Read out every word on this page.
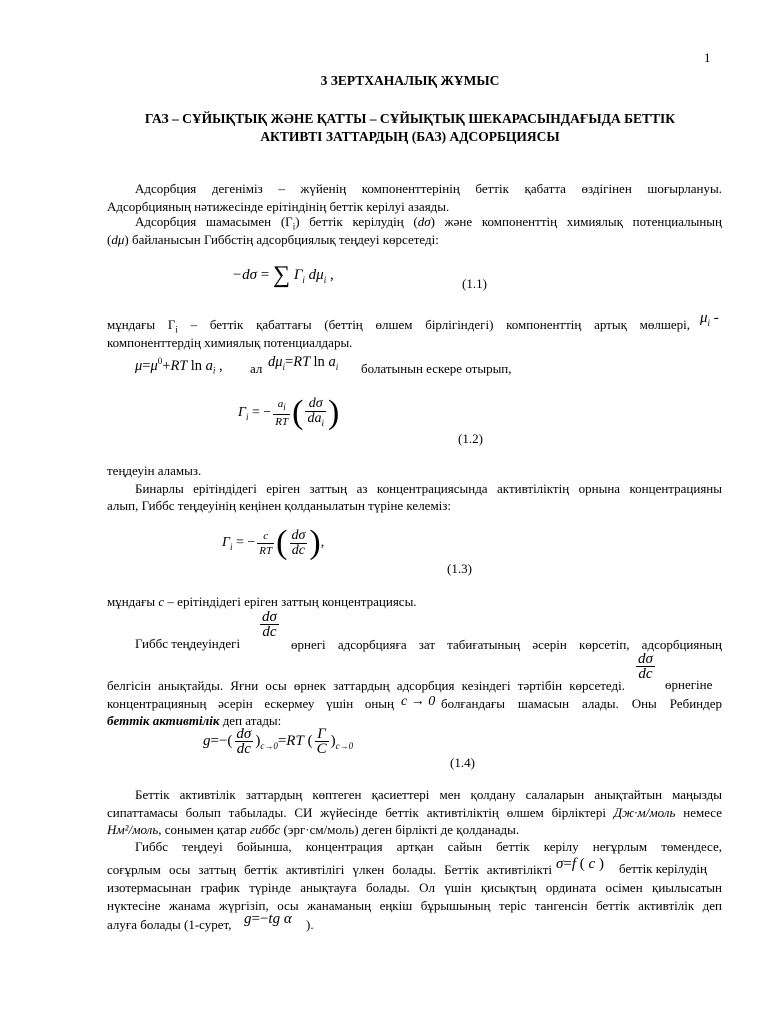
1
3 ЗЕРТХАНАЛЫҚ ЖҰМЫС
ГАЗ – СҰЙЫҚТЫҚ ЖӘНЕ ҚАТТЫ – СҰЙЫҚТЫҚ ШЕКАРАСЫНДАҒЫДА БЕТТІК
АКТИВТІ ЗАТТАРДЫҢ (БАЗ) АДСОРБЦИЯСЫ
Адсорбция дегеніміз – жүйенің компоненттерінің беттік қабатта өздігінен шоғырлануы.
Адсорбцияның нәтижесінде ерітіндінің беттік керілуі азаяды.
Адсорбция шамасымен $(Г_i)$ беттік керілудің (dσ) және компоненттің химиялық потенциалының
(dμ) байланысын Гиббстің адсорбциялық теңдеуі көрсетеді:
−dσ = ∑ $\Gamma_i$ $d\mu_i$ ,
(1.1)
мұндағы $Г_i$ – беттік қабаттағы (беттің өлшем бірлігіндегі) компоненттің артық мөлшері, $\mu_i$ -
компоненттердің химиялық потенциалдары.
$\mu=\mu^0+RT$ $\ln a_i$ , ал $d\mu_i=RT$ $\ln a_i$ болатынын ескере отырып,
$\Gamma_i$ = − $\frac{a_i}{RT}$ ( $\frac{d\sigma}{da_i}$ )
(1.2)
теңдеуін аламыз.
Бинарлы ерітіндідегі еріген заттың аз концентрациясында активтіліктің орнына концентрацияны
алып, Гиббс теңдеуінің кеңінен қолданылатын түріне келеміз:
$\Gamma_i$ = − $\frac{c}{RT}$ ( $\frac{d\sigma}{dc}$ ),
(1.3)
мұндағы c – ерітіндідегі еріген заттың концентрациясы.
$\frac{d\sigma}{dc}$
Гиббс теңдеуіндегі	өрнегі адсорбцияға зат табиғатының әсерін көрсетіп, адсорбцияның
$\frac{d\sigma}{dc}$
белгісін анықтайды. Яғни осы өрнек заттардың адсорбция кезіндегі тәртібін көрсетеді.	өрнегіне
концентрацияның әсерін ескермеу үшін оның c → 0 болғандағы шамасын алады. Оны Ребиндер
беттік активтілік деп атады:
$g=-( \frac{d\sigma}{dc} )_{c\to 0}=RT$ ( $\frac{\Gamma}{C} )_{c\to 0}$
(1.4)
Беттік активтілік заттардың көптеген қасиеттері мен қолдану салаларын анықтайтын маңызды
сипаттамасы болып табылады. СИ жүйесінде беттік активтіліктің өлшем бірліктері Дж·м/моль немесе
Нм²/моль, сонымен қатар гиббс (эрг·см/моль) деген бірлікті де қолданады.
Гиббс теңдеуі бойынша, концентрация артқан сайын беттік керілу неғұрлым төмендесе,
соғұрлым осы заттың беттік активтілігі үлкен болады. Беттік активтілікті σ=f ( c ) беттік керілудің
изотермасынан график түрінде анықтауға болады. Ол үшін қисықтың ордината осімен қиылысатын
нүктесіне жанама жүргізіп, осы жанаманың еңкіш бұрышының теріс тангенсін беттік активтілік деп
алуға болады (1-сурет, g=−tg α ).
